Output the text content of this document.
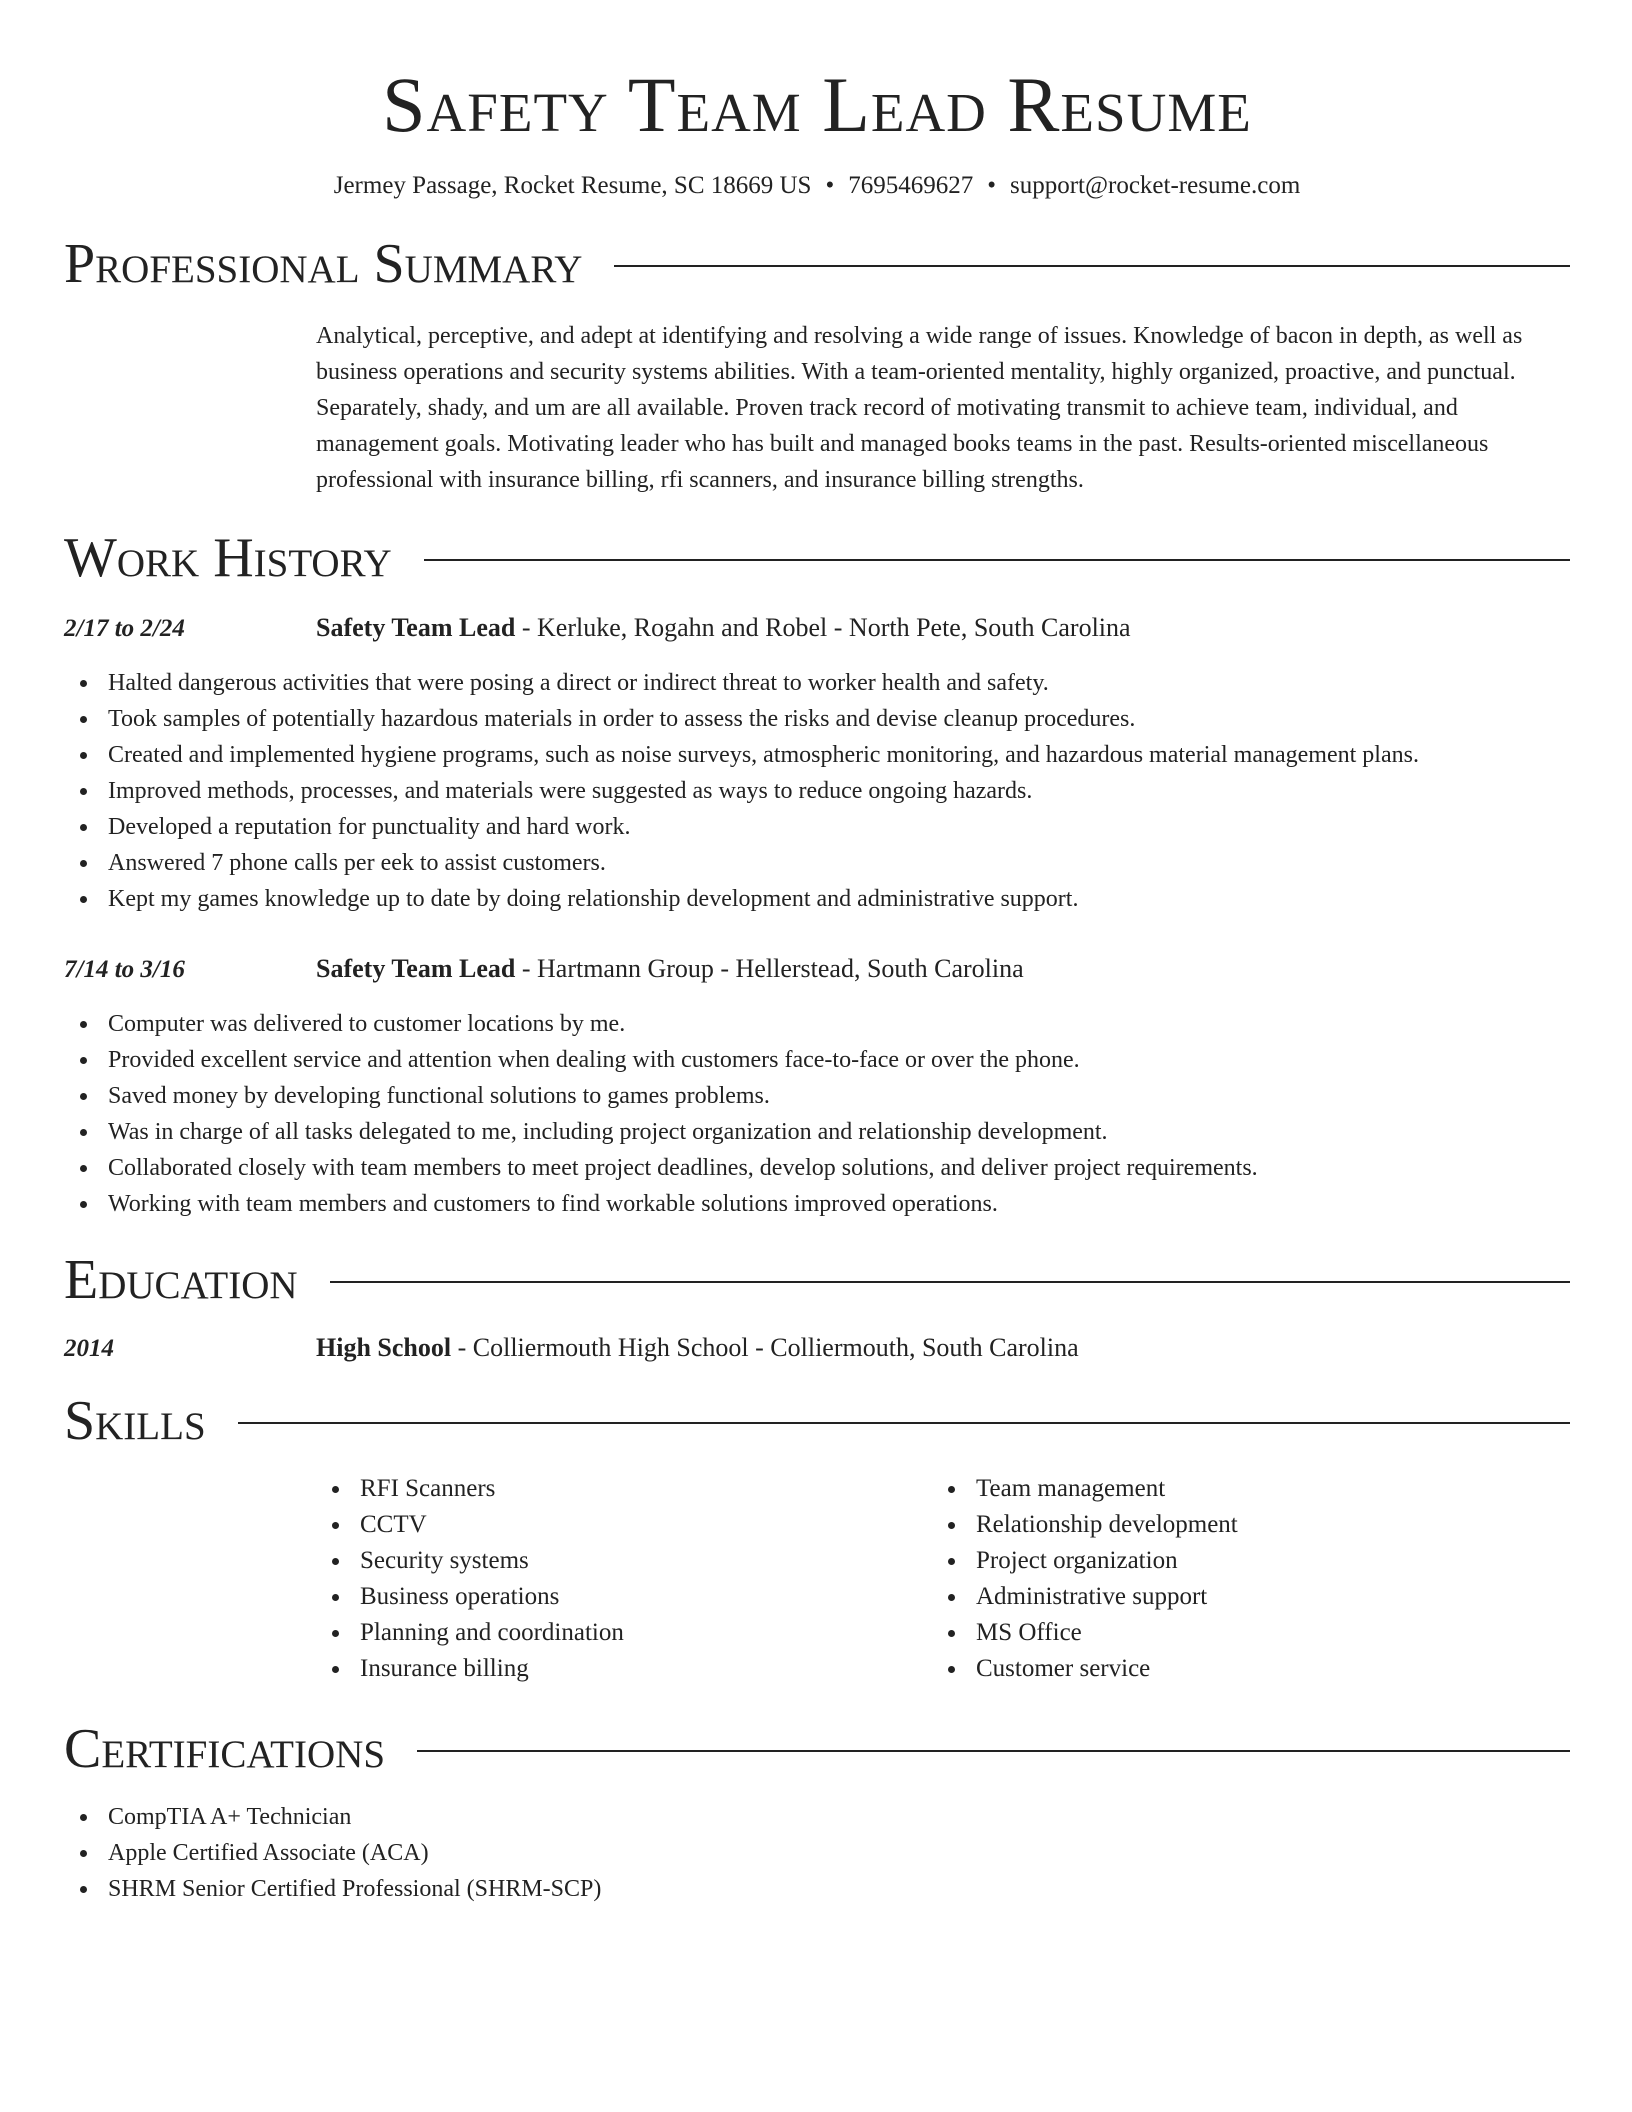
Safety Team Lead Resume
Jermey Passage, Rocket Resume, SC 18669 US • 7695469627 • support@rocket-resume.com
Professional Summary

Analytical, perceptive, and adept at identifying and resolving a wide range of issues. Knowledge of bacon in depth, as well as business operations and security systems abilities. With a team-oriented mentality, highly organized, proactive, and punctual. Separately, shady, and um are all available. Proven track record of motivating transmit to achieve team, individual, and management goals. Motivating leader who has built and managed books teams in the past. Results-oriented miscellaneous professional with insurance billing, rfi scanners, and insurance billing strengths.

Work History
2/17 to 2/24	Safety Team Lead - Kerluke, Rogahn and Robel - North Pete, South Carolina
Halted dangerous activities that were posing a direct or indirect threat to worker health and safety.
Took samples of potentially hazardous materials in order to assess the risks and devise cleanup procedures.
Created and implemented hygiene programs, such as noise surveys, atmospheric monitoring, and hazardous material management plans.
Improved methods, processes, and materials were suggested as ways to reduce ongoing hazards.
Developed a reputation for punctuality and hard work.
Answered 7 phone calls per eek to assist customers.
Kept my games knowledge up to date by doing relationship development and administrative support.
7/14 to 3/16	Safety Team Lead - Hartmann Group - Hellerstead, South Carolina
Computer was delivered to customer locations by me.
Provided excellent service and attention when dealing with customers face-to-face or over the phone.
Saved money by developing functional solutions to games problems.
Was in charge of all tasks delegated to me, including project organization and relationship development.
Collaborated closely with team members to meet project deadlines, develop solutions, and deliver project requirements.
Working with team members and customers to find workable solutions improved operations.
Education
2014	High School - Colliermouth High School - Colliermouth, South Carolina
Skills
RFI Scanners
CCTV
Security systems
Business operations
Planning and coordination
Insurance billing
Team management
Relationship development
Project organization
Administrative support
MS Office
Customer service
Certifications
CompTIA A+ Technician
Apple Certified Associate (ACA)
SHRM Senior Certified Professional (SHRM-SCP)
